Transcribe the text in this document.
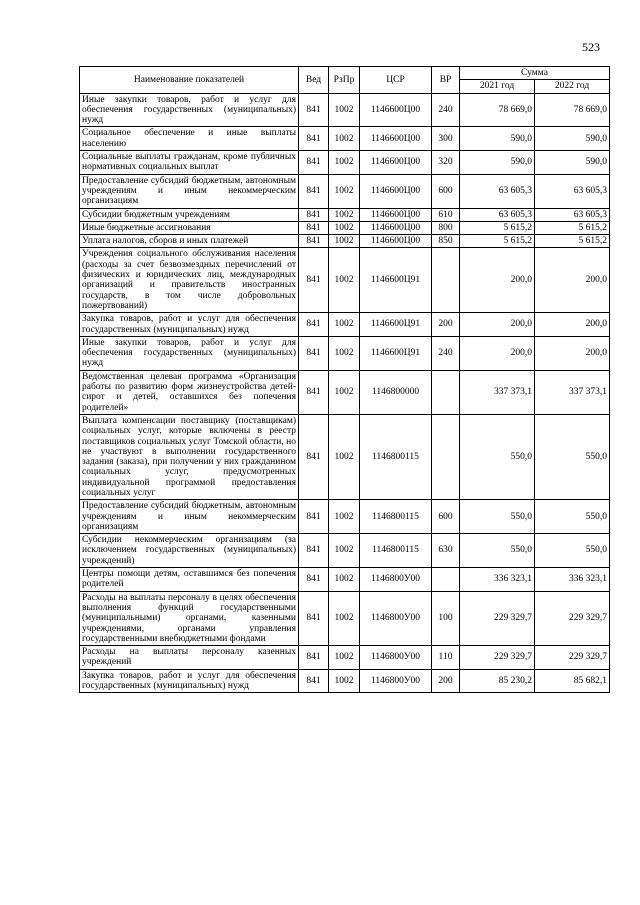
523
Наименование показателей	Вед	РзПр	ЦСР	ВР	Сумма	
					2021 год	2022 год
Иные закупки товаров, работ и услуг для обеспечения государственных (муниципальных) нужд	841	1002	1146600Ц00	240	78 669,0	78 669,0
Социальное обеспечение и иные выплаты населению	841	1002	1146600Ц00	300	590,0	590,0
Социальные выплаты гражданам, кроме публичных нормативных социальных выплат	841	1002	1146600Ц00	320	590,0	590,0
Предоставление субсидий бюджетным, автономным учреждениям и иным некоммерческим организациям	841	1002	1146600Ц00	600	63 605,3	63 605,3
Субсидии бюджетным учреждениям	841	1002	1146600Ц00	610	63 605,3	63 605,3
Иные бюджетные ассигнования	841	1002	1146600Ц00	800	5 615,2	5 615,2
Уплата налогов, сборов и иных платежей	841	1002	1146600Ц00	850	5 615,2	5 615,2
Учреждения социального обслуживания населения (расходы за счет безвозмездных перечислений от физических и юридических лиц, международных организаций и правительств иностранных государств, в том числе добровольных пожертвований)	841	1002	1146600Ц91		200,0	200,0
Закупка товаров, работ и услуг для обеспечения государственных (муниципальных) нужд	841	1002	1146600Ц91	200	200,0	200,0
Иные закупки товаров, работ и услуг для обеспечения государственных (муниципальных) нужд	841	1002	1146600Ц91	240	200,0	200,0
Ведомственная целевая программа «Организация работы по развитию форм жизнеустройства детей-сирот и детей, оставшихся без попечения родителей»	841	1002	1146800000		337 373,1	337 373,1
Выплата компенсации поставщику (поставщикам) социальных услуг, которые включены в реестр поставщиков социальных услуг Томской области, но не участвуют в выполнении государственного задания (заказа), при получении у них гражданином социальных услуг, предусмотренных индивидуальной программой предоставления социальных услуг	841	1002	1146800115		550,0	550,0
Предоставление субсидий бюджетным, автономным учреждениям и иным некоммерческим организациям	841	1002	1146800115	600	550,0	550,0
Субсидии некоммерческим организациям (за исключением государственных (муниципальных) учреждений)	841	1002	1146800115	630	550,0	550,0
Центры помощи детям, оставшимся без попечения родителей	841	1002	1146800У00		336 323,1	336 323,1
Расходы на выплаты персоналу в целях обеспечения выполнения функций государственными (муниципальными) органами, казенными учреждениями, органами управления государственными внебюджетными фондами	841	1002	1146800У00	100	229 329,7	229 329,7
Расходы на выплаты персоналу казенных учреждений	841	1002	1146800У00	110	229 329,7	229 329,7
Закупка товаров, работ и услуг для обеспечения государственных (муниципальных) нужд	841	1002	1146800У00	200	85 230,2	85 682,1
